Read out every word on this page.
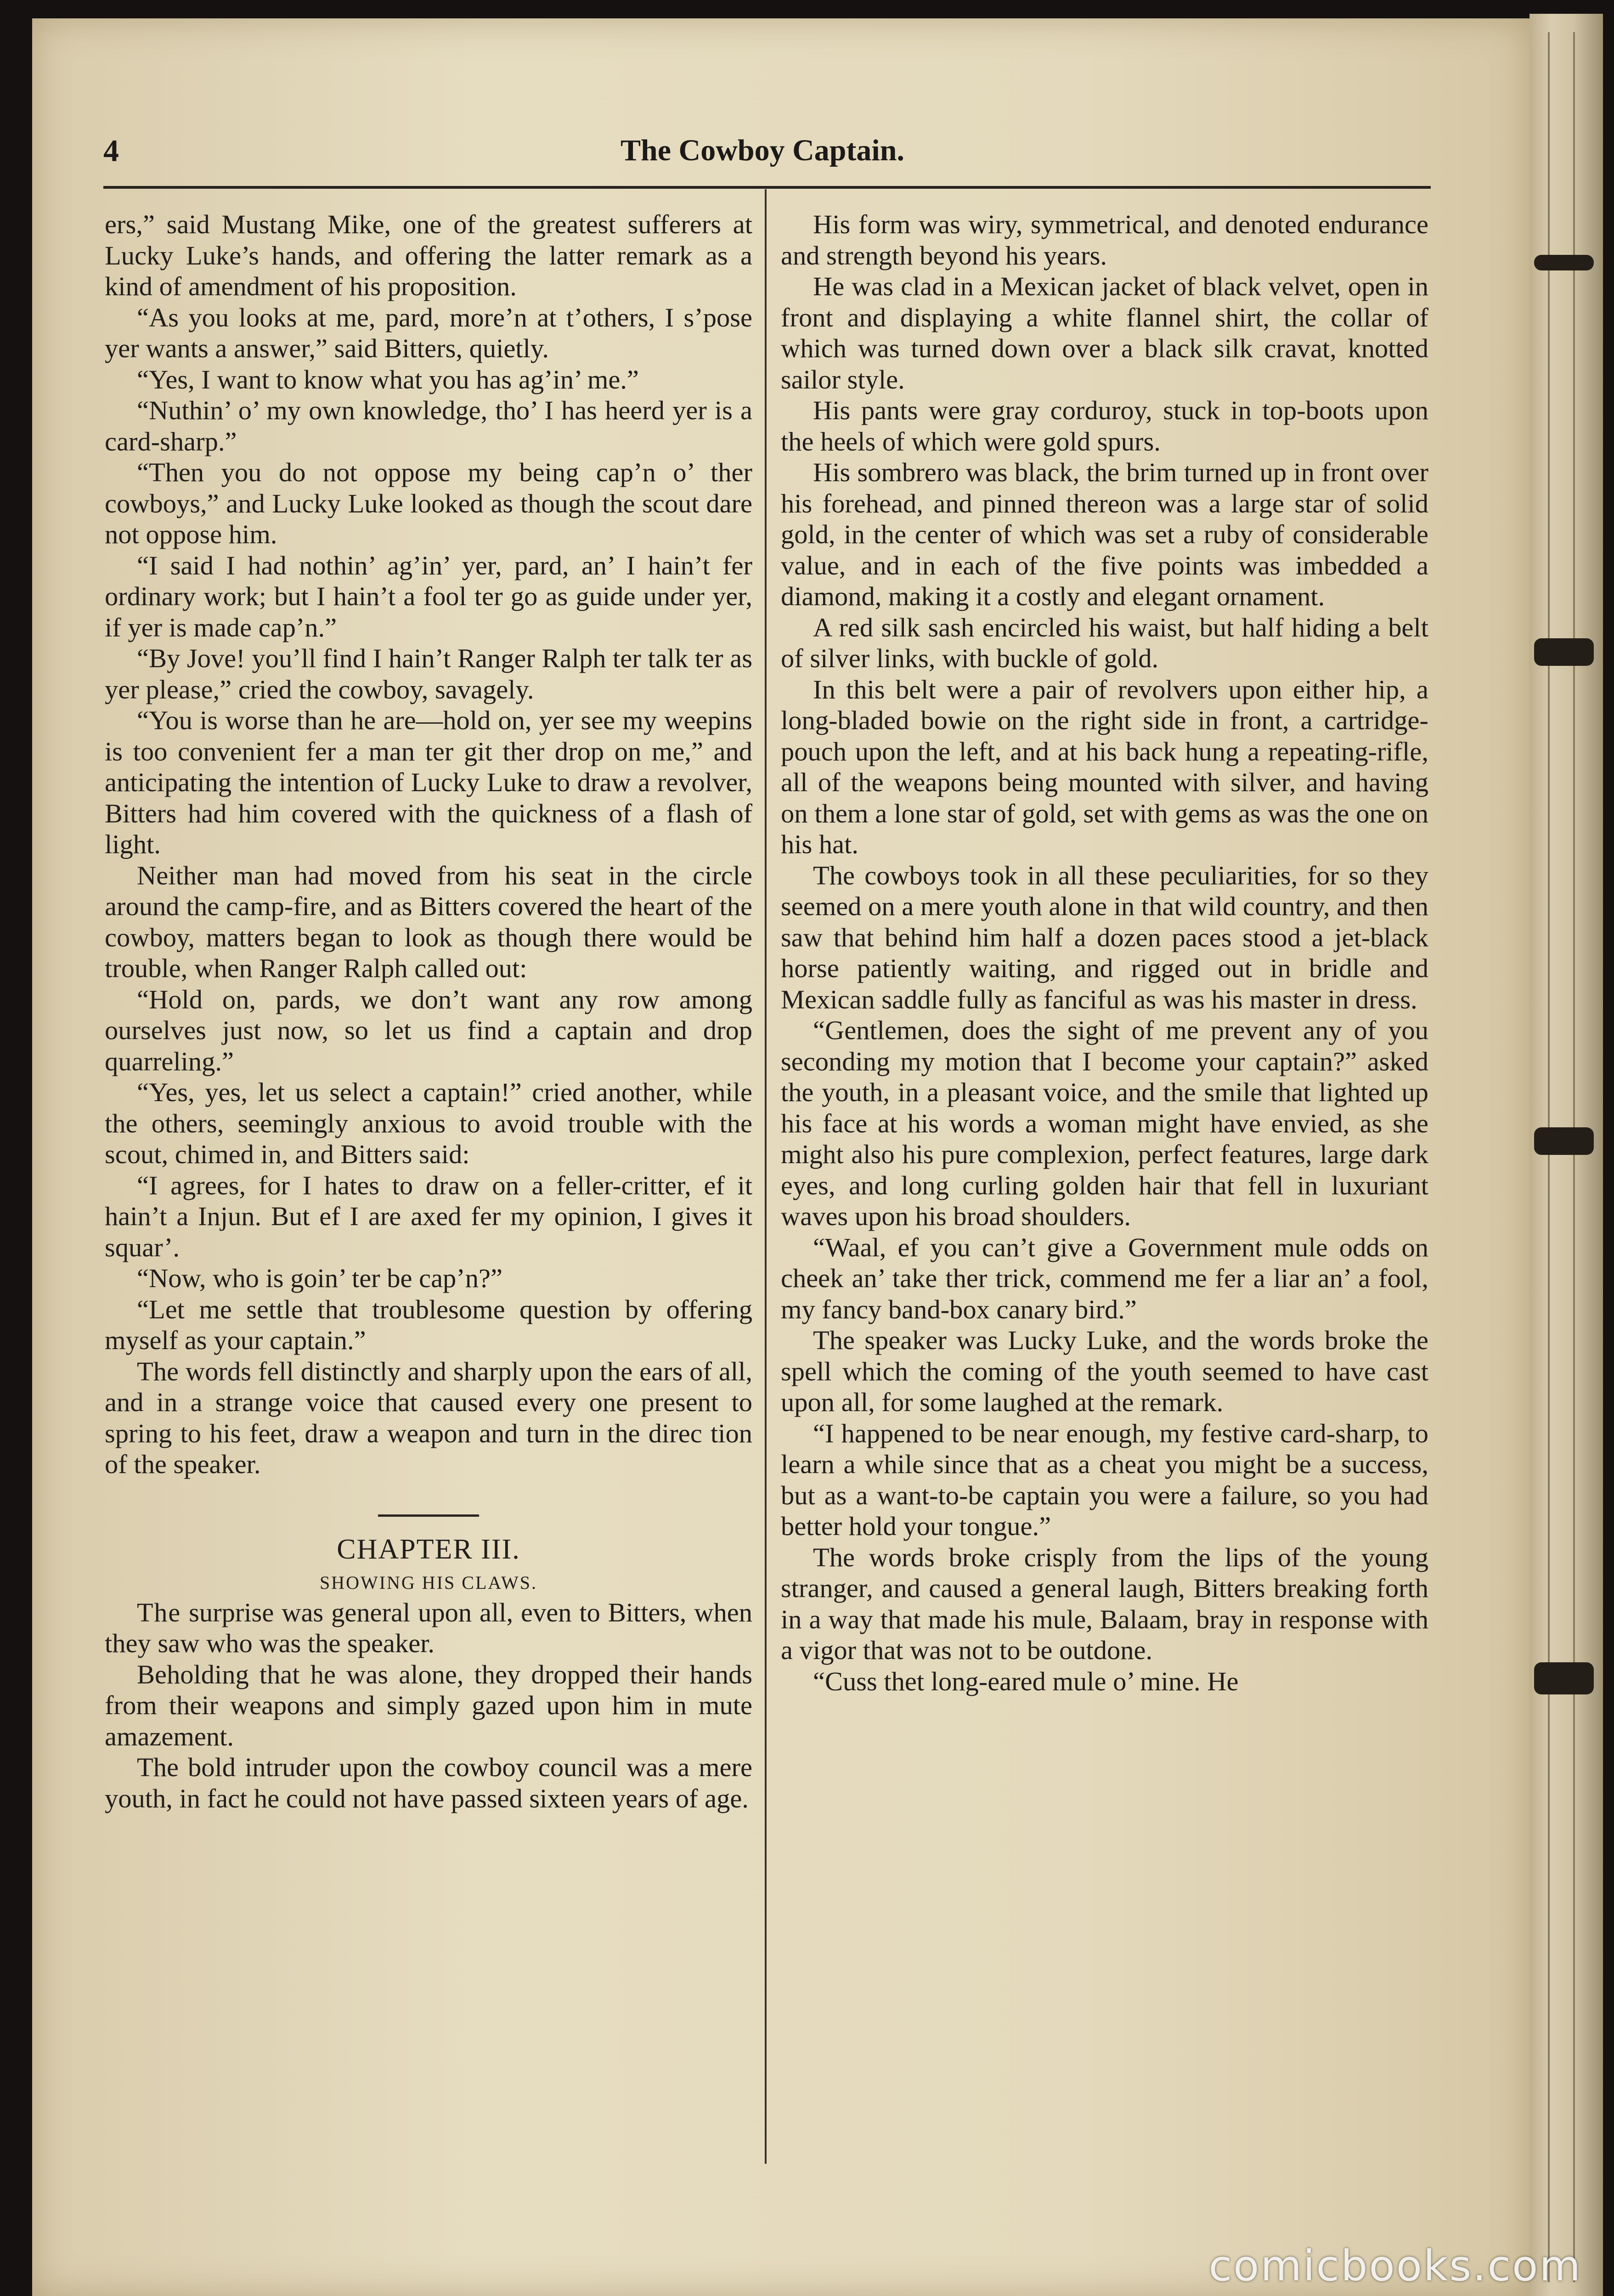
4	The Cowboy Captain.

ers,” said Mustang Mike, one of the greatest sufferers at Lucky Luke’s hands, and offering the latter remark as a kind of amendment of his proposition.

“As you looks at me, pard, more’n at t’others, I s’pose yer wants a answer,” said Bitters, quietly.

“Yes, I want to know what you has ag’in’ me.”

“Nuthin’ o’ my own knowledge, tho’ I has heerd yer is a card-sharp.”

“Then you do not oppose my being cap’n o’ ther cowboys,” and Lucky Luke looked as though the scout dare not oppose him.

“I said I had nothin’ ag’in’ yer, pard, an’ I hain’t fer ordinary work; but I hain’t a fool ter go as guide under yer, if yer is made cap’n.”

“By Jove! you’ll find I hain’t Ranger Ralph ter talk ter as yer please,” cried the cowboy, savagely.

“You is worse than he are—hold on, yer see my weepins is too convenient fer a man ter git ther drop on me,” and anticipating the intention of Lucky Luke to draw a revolver, Bitters had him covered with the quickness of a flash of light.

Neither man had moved from his seat in the circle around the camp-fire, and as Bitters covered the heart of the cowboy, matters began to look as though there would be trouble, when Ranger Ralph called out:

“Hold on, pards, we don’t want any row among ourselves just now, so let us find a captain and drop quarreling.”

“Yes, yes, let us select a captain!” cried another, while the others, seemingly anxious to avoid trouble with the scout, chimed in, and Bitters said:

“I agrees, for I hates to draw on a feller-critter, ef it hain’t a Injun. But ef I are axed fer my opinion, I gives it squar’.

“Now, who is goin’ ter be cap’n?”

“Let me settle that troublesome question by offering myself as your captain.”

The words fell distinctly and sharply upon the ears of all, and in a strange voice that caused every one present to spring to his feet, draw a weapon and turn in the direc tion of the speaker.

CHAPTER III.
SHOWING HIS CLAWS.

The surprise was general upon all, even to Bitters, when they saw who was the speaker.

Beholding that he was alone, they dropped their hands from their weapons and simply gazed upon him in mute amazement.

The bold intruder upon the cowboy council was a mere youth, in fact he could not have passed sixteen years of age.

His form was wiry, symmetrical, and denoted endurance and strength beyond his years.

He was clad in a Mexican jacket of black velvet, open in front and displaying a white flannel shirt, the collar of which was turned down over a black silk cravat, knotted sailor style.

His pants were gray corduroy, stuck in top-boots upon the heels of which were gold spurs.

His sombrero was black, the brim turned up in front over his forehead, and pinned thereon was a large star of solid gold, in the center of which was set a ruby of considerable value, and in each of the five points was imbedded a diamond, making it a costly and elegant ornament.

A red silk sash encircled his waist, but half hiding a belt of silver links, with buckle of gold.

In this belt were a pair of revolvers upon either hip, a long-bladed bowie on the right side in front, a cartridge-pouch upon the left, and at his back hung a repeating-rifle, all of the weapons being mounted with silver, and having on them a lone star of gold, set with gems as was the one on his hat.

The cowboys took in all these peculiarities, for so they seemed on a mere youth alone in that wild country, and then saw that behind him half a dozen paces stood a jet-black horse patiently waiting, and rigged out in bridle and Mexican saddle fully as fanciful as was his master in dress.

“Gentlemen, does the sight of me prevent any of you seconding my motion that I become your captain?” asked the youth, in a pleasant voice, and the smile that lighted up his face at his words a woman might have envied, as she might also his pure complexion, perfect features, large dark eyes, and long curling golden hair that fell in luxuriant waves upon his broad shoulders.

“Waal, ef you can’t give a Government mule odds on cheek an’ take ther trick, commend me fer a liar an’ a fool, my fancy band-box canary bird.”

The speaker was Lucky Luke, and the words broke the spell which the coming of the youth seemed to have cast upon all, for some laughed at the remark.

“I happened to be near enough, my festive card-sharp, to learn a while since that as a cheat you might be a success, but as a want-to-be captain you were a failure, so you had better hold your tongue.”

The words broke crisply from the lips of the young stranger, and caused a general laugh, Bitters breaking forth in a way that made his mule, Balaam, bray in response with a vigor that was not to be outdone.

“Cuss thet long-eared mule o’ mine. He

comicbooks.com
